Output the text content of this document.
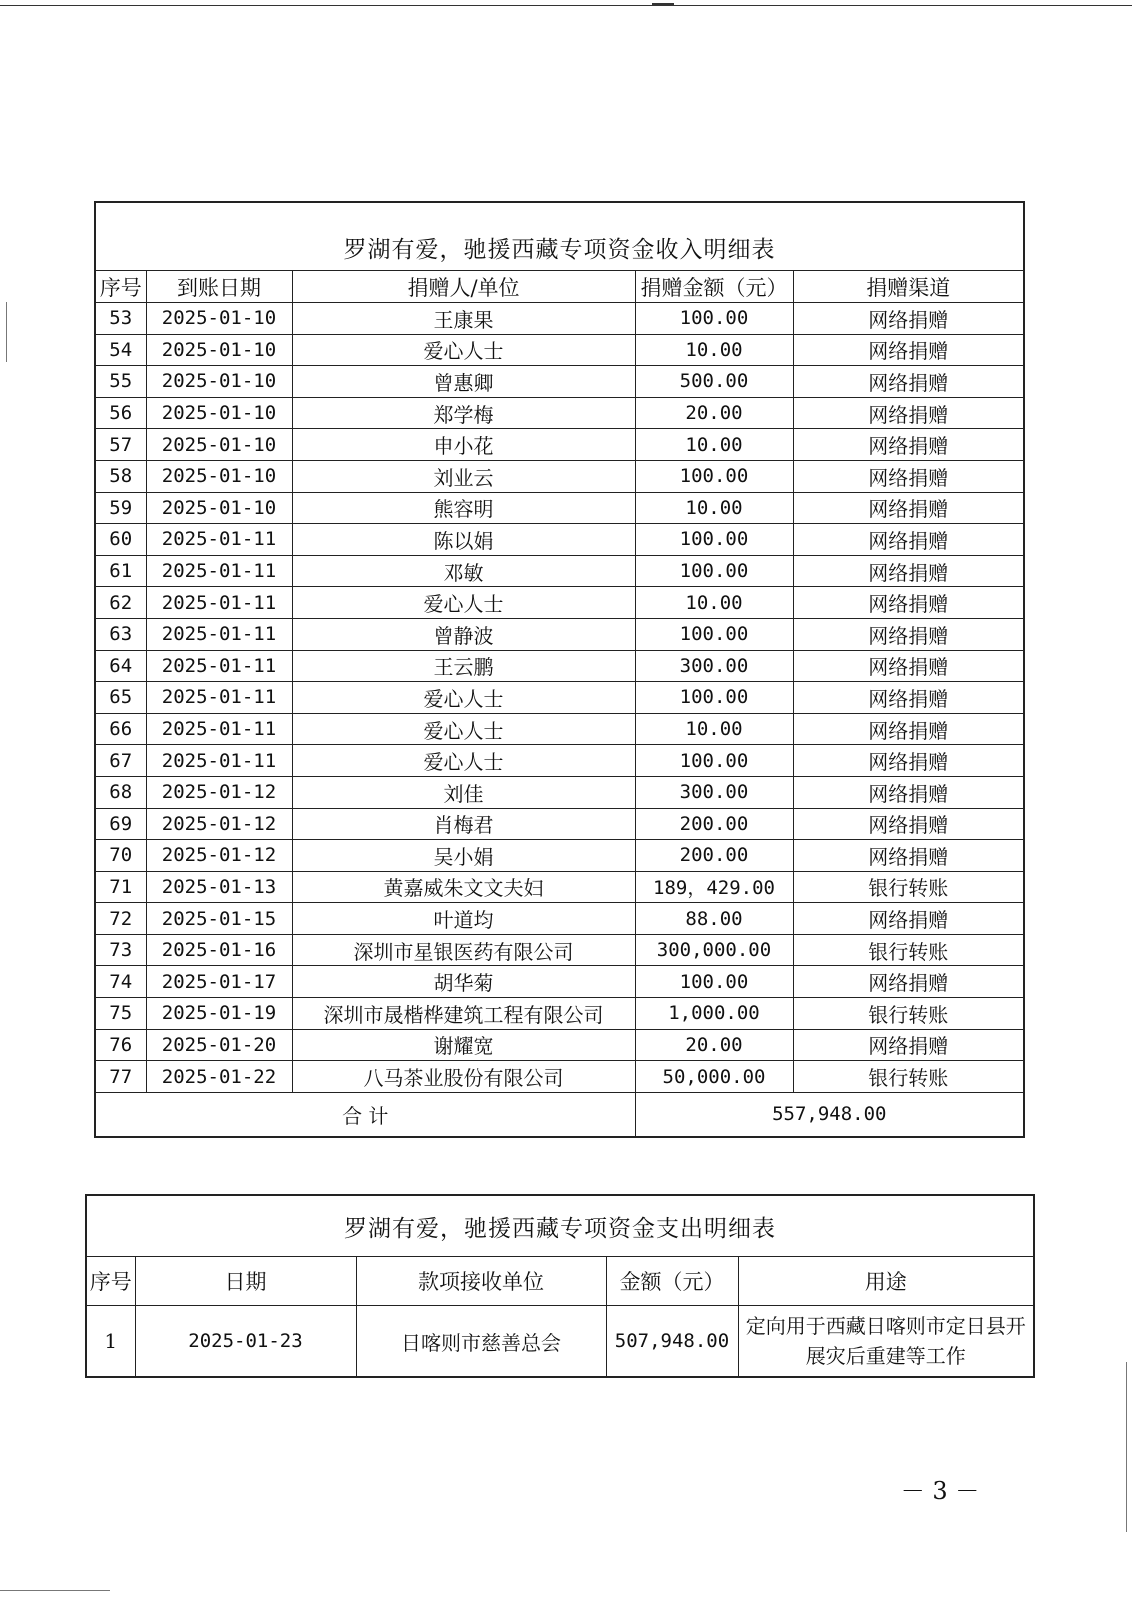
罗湖有爱，驰援西藏专项资金收入明细表				
序号	到账日期	捐赠人/单位	捐赠金额（元）	捐赠渠道
53	2025-01-10	王康果	100.00	网络捐赠
54	2025-01-10	爱心人士	10.00	网络捐赠
55	2025-01-10	曾惠卿	500.00	网络捐赠
56	2025-01-10	郑学梅	20.00	网络捐赠
57	2025-01-10	申小花	10.00	网络捐赠
58	2025-01-10	刘业云	100.00	网络捐赠
59	2025-01-10	熊容明	10.00	网络捐赠
60	2025-01-11	陈以娟	100.00	网络捐赠
61	2025-01-11	邓敏	100.00	网络捐赠
62	2025-01-11	爱心人士	10.00	网络捐赠
63	2025-01-11	曾静波	100.00	网络捐赠
64	2025-01-11	王云鹏	300.00	网络捐赠
65	2025-01-11	爱心人士	100.00	网络捐赠
66	2025-01-11	爱心人士	10.00	网络捐赠
67	2025-01-11	爱心人士	100.00	网络捐赠
68	2025-01-12	刘佳	300.00	网络捐赠
69	2025-01-12	肖梅君	200.00	网络捐赠
70	2025-01-12	吴小娟	200.00	网络捐赠
71	2025-01-13	黄嘉威朱文文夫妇	189，429.00	银行转账
72	2025-01-15	叶道均	88.00	网络捐赠
73	2025-01-16	深圳市星银医药有限公司	300,000.00	银行转账
74	2025-01-17	胡华菊	100.00	网络捐赠
75	2025-01-19	深圳市晟楷桦建筑工程有限公司	1,000.00	银行转账
76	2025-01-20	谢耀宽	20.00	网络捐赠
77	2025-01-22	八马茶业股份有限公司	50,000.00	银行转账
合 计			557,948.00	
罗湖有爱，驰援西藏专项资金支出明细表				
序号	日期	款项接收单位	金额（元）	用途
1	2025-01-23	日喀则市慈善总会	507,948.00	定向用于西藏日喀则市定日县开展灾后重建等工作
－ 3 －
